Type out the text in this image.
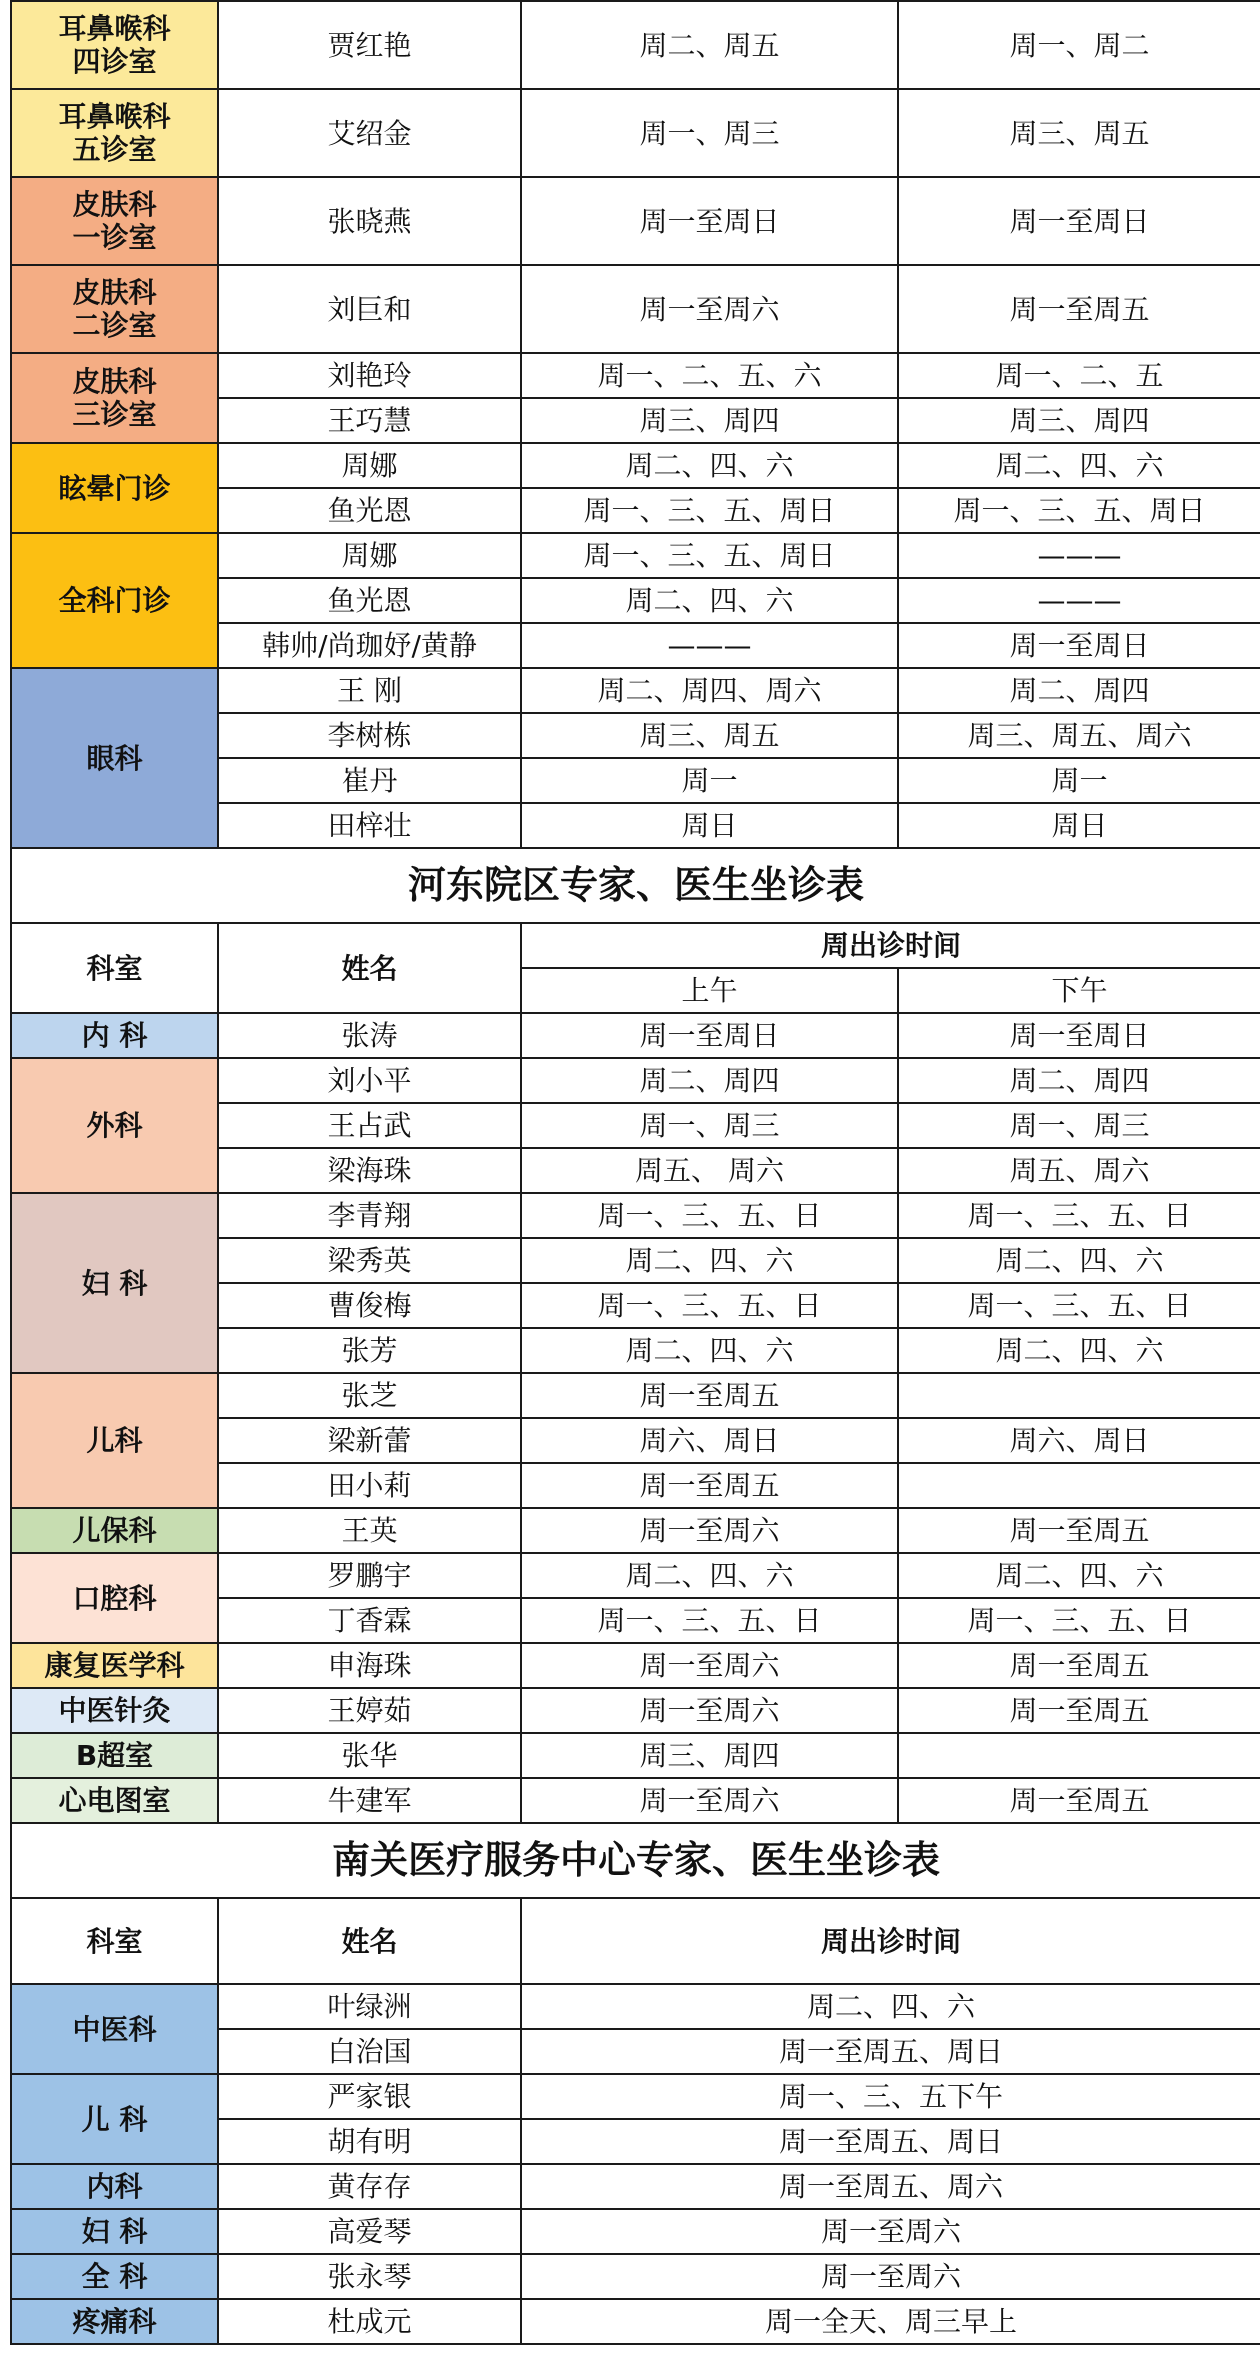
耳鼻喉科
四诊室	贾红艳	周二、周五	周一、周二
耳鼻喉科
五诊室	艾绍金	周一、周三	周三、周五
皮肤科
一诊室	张晓燕	周一至周日	周一至周日
皮肤科
二诊室	刘巨和	周一至周六	周一至周五
皮肤科
三诊室	刘艳玲	周一、二、五、六	周一、二、五
	王巧慧	周三、周四	周三、周四
眩晕门诊	周娜	周二、四、六	周二、四、六
	鱼光恩	周一、三、五、周日	周一、三、五、周日
全科门诊	周娜	周一、三、五、周日	———
	鱼光恩	周二、四、六	———
	韩帅/尚珈妤/黄静	———	周一至周日
眼科	王 刚	周二、周四、周六	周二、周四
	李树栋	周三、周五	周三、周五、周六
	崔丹	周一	周一
	田梓壮	周日	周日
河东院区专家、医生坐诊表			
科室	姓名	周出诊时间	
		上午	下午
内 科	张涛	周一至周日	周一至周日
外科	刘小平	周二、周四	周二、周四
	王占武	周一、周三	周一、周三
	梁海珠	周五、 周六	周五、周六
妇 科	李青翔	周一、三、五、日	周一、三、五、日
	梁秀英	周二、四、六	周二、四、六
	曹俊梅	周一、三、五、日	周一、三、五、日
	张芳	周二、四、六	周二、四、六
儿科	张芝	周一至周五	
	梁新蕾	周六、周日	周六、周日
	田小莉	周一至周五	
儿保科	王英	周一至周六	周一至周五
口腔科	罗鹏宇	周二、四、六	周二、四、六
	丁香霖	周一、三、五、日	周一、三、五、日
康复医学科	申海珠	周一至周六	周一至周五
中医针灸	王婷茹	周一至周六	周一至周五
B超室	张华	周三、周四	
心电图室	牛建军	周一至周六	周一至周五
南关医疗服务中心专家、医生坐诊表			
科室	姓名	周出诊时间	
中医科	叶绿洲	周二、四、六	
	白治国	周一至周五、周日	
儿 科	严家银	周一、三、五下午	
	胡有明	周一至周五、周日	
内科	黄存存	周一至周五、周六	
妇 科	高爱琴	周一至周六	
全 科	张永琴	周一至周六	
疼痛科	杜成元	周一全天、周三早上	
